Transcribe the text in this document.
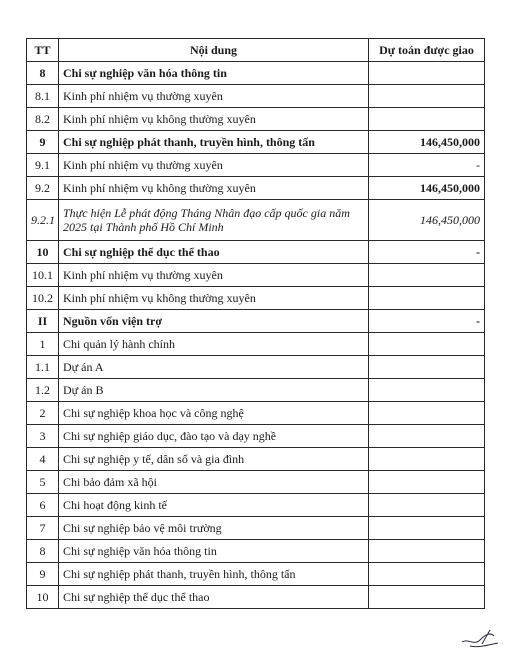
TT	Nội dung	Dự toán được giao
8	Chi sự nghiệp văn hóa thông tin	
8.1	Kinh phí nhiệm vụ thường xuyên	
8.2	Kinh phí nhiệm vụ không thường xuyên	
9	Chi sự nghiệp phát thanh, truyền hình, thông tấn	146,450,000
9.1	Kinh phí nhiệm vụ thường xuyên	-
9.2	Kinh phí nhiệm vụ không thường xuyên	146,450,000
9.2.1	Thực hiện Lễ phát động Tháng Nhân đạo cấp quốc gia năm 2025 tại Thành phố Hồ Chí Minh	146,450,000
10	Chi sự nghiệp thể dục thể thao	-
10.1	Kinh phí nhiệm vụ thường xuyên	
10.2	Kinh phí nhiệm vụ không thường xuyên	
II	Nguồn vốn viện trợ	-
1	Chi quản lý hành chính	
1.1	Dự án A	
1.2	Dự án B	
2	Chi sự nghiệp khoa học và công nghệ	
3	Chi sự nghiệp giáo dục, đào tạo và dạy nghề	
4	Chi sự nghiệp y tế, dân số và gia đình	
5	Chi bảo đảm xã hội	
6	Chi hoạt động kinh tế	
7	Chi sự nghiệp bảo vệ môi trường	
8	Chi sự nghiệp văn hóa thông tin	
9	Chi sự nghiệp phát thanh, truyền hình, thông tấn	
10	Chi sự nghiệp thể dục thể thao	
